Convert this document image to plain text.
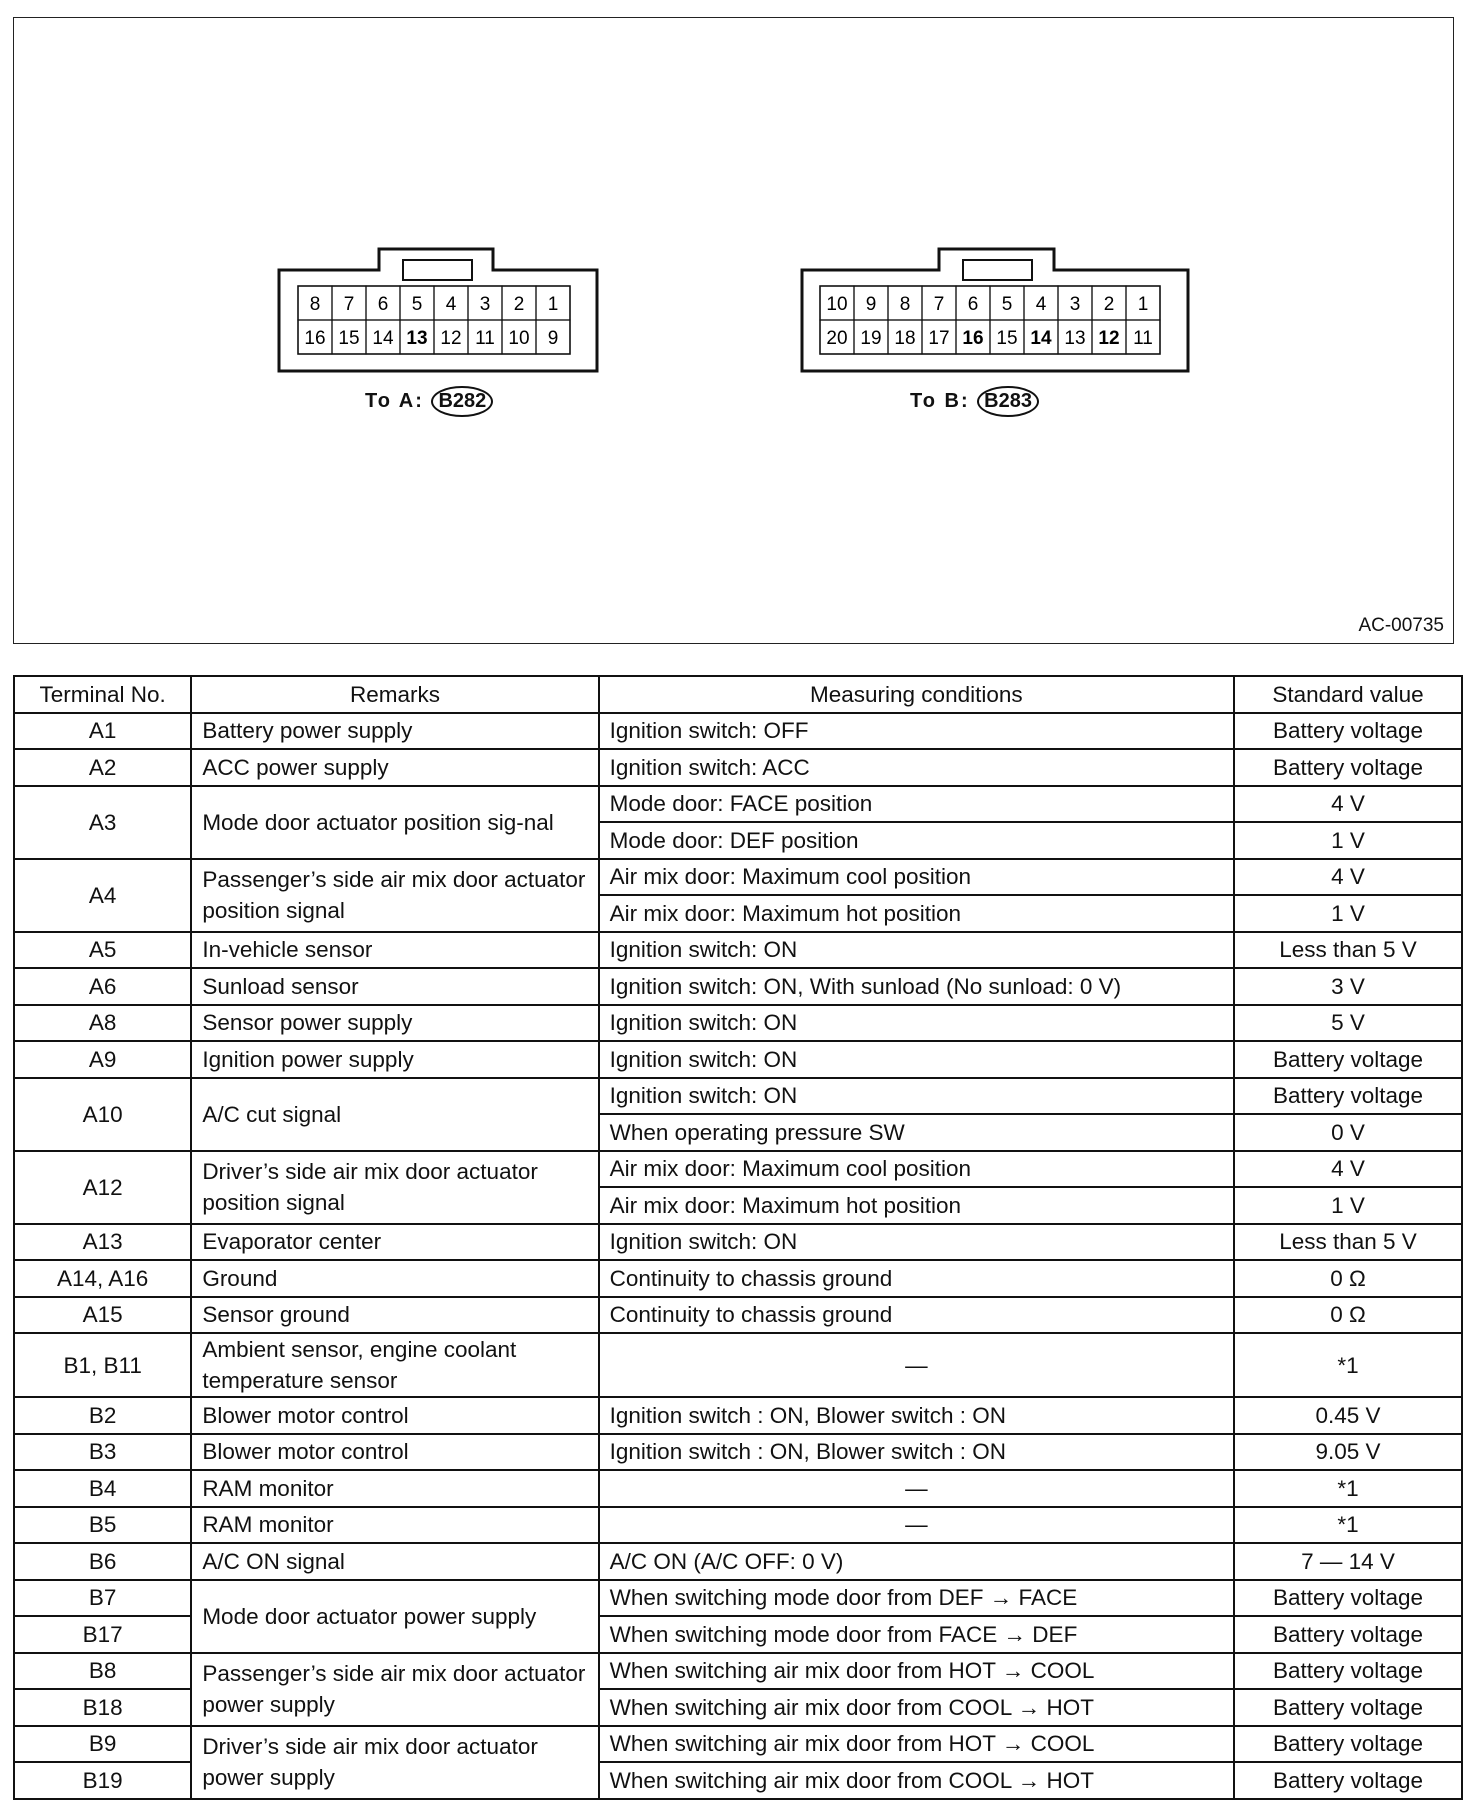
8 7 6 5 4 3 2 1
16 15 14 13 12 11 10 9
10 9 8 7 6 5 4 3 2 1
20 19 18 17 16 15 14 13 12 11
To A: B282	To B: B283
AC-00735
Terminal No.	Remarks	Measuring conditions	Standard value
A1	Battery power supply	Ignition switch: OFF	Battery voltage
A2	ACC power supply	Ignition switch: ACC	Battery voltage
A3	Mode door actuator position sig-nal	Mode door: FACE position	4 V
		Mode door: DEF position	1 V
A4	Passenger’s side air mix door actuator position signal	Air mix door: Maximum cool position	4 V
		Air mix door: Maximum hot position	1 V
A5	In-vehicle sensor	Ignition switch: ON	Less than 5 V
A6	Sunload sensor	Ignition switch: ON, With sunload (No sunload: 0 V)	3 V
A8	Sensor power supply	Ignition switch: ON	5 V
A9	Ignition power supply	Ignition switch: ON	Battery voltage
A10	A/C cut signal	Ignition switch: ON	Battery voltage
		When operating pressure SW	0 V
A12	Driver’s side air mix door actuator position signal	Air mix door: Maximum cool position	4 V
		Air mix door: Maximum hot position	1 V
A13	Evaporator center	Ignition switch: ON	Less than 5 V
A14, A16	Ground	Continuity to chassis ground	0 Ω
A15	Sensor ground	Continuity to chassis ground	0 Ω
B1, B11	Ambient sensor, engine coolant temperature sensor	—	*1
B2	Blower motor control	Ignition switch : ON, Blower switch : ON	0.45 V
B3	Blower motor control	Ignition switch : ON, Blower switch : ON	9.05 V
B4	RAM monitor	—	*1
B5	RAM monitor	—	*1
B6	A/C ON signal	A/C ON (A/C OFF: 0 V)	7 — 14 V
B7	Mode door actuator power supply	When switching mode door from DEF → FACE	Battery voltage
B17		When switching mode door from FACE → DEF	Battery voltage
B8	Passenger’s side air mix door actuator power supply	When switching air mix door from HOT → COOL	Battery voltage
B18		When switching air mix door from COOL → HOT	Battery voltage
B9	Driver’s side air mix door actuator power supply	When switching air mix door from HOT → COOL	Battery voltage
B19		When switching air mix door from COOL → HOT	Battery voltage
